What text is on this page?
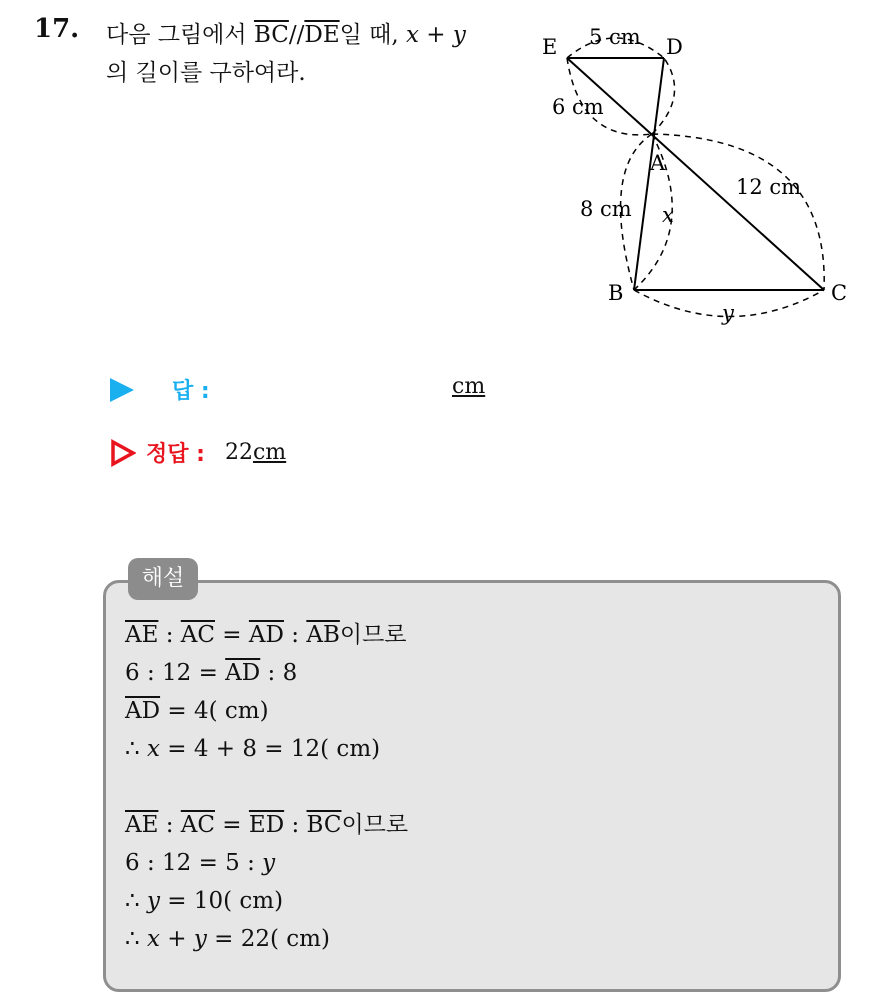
17. 다음 그림에서 $\overline{BC}//\overline{DE}$일 때, x + y
의 길이를 구하여라.
E	D
A
B	C
5 cm
6 cm
12 cm
8 cm x
y
답 :	cm
정답 : 22cm
해설
$\overline{AE}$ : $\overline{AC} = \overline{AD}$ : $\overline{AB}$이므로
6 : $12 = \overline{AD}$ : 8
$\overline{AD} = 4$( cm)
∴ x = 4 + 8 = 12( cm)
$\overline{AE}$ : $\overline{AC} = \overline{ED}$ : $\overline{BC}$이므로
6 : 12 = 5 : y
∴ y = 10( cm)
∴ x + y = 22( cm)
